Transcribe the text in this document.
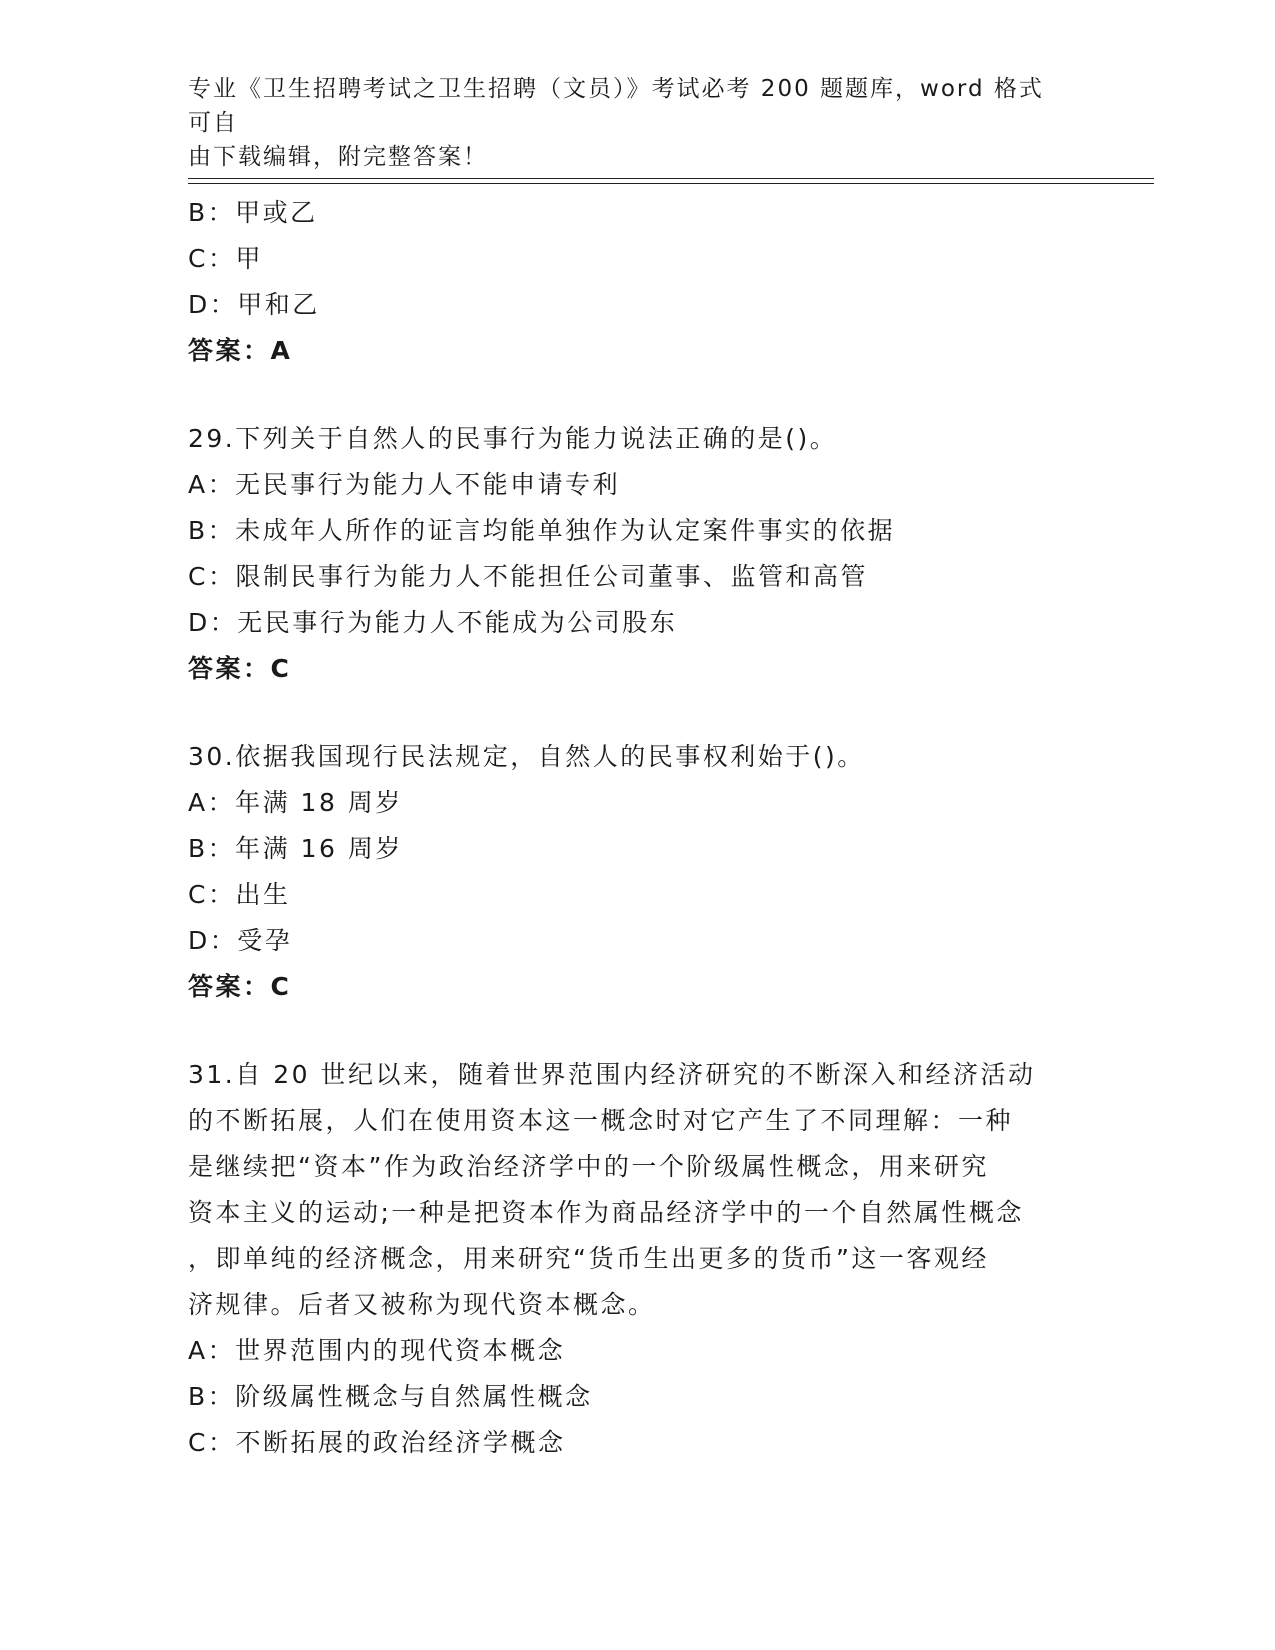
专业《卫生招聘考试之卫生招聘（文员）》考试必考 200 题题库，word 格式可自
由下载编辑，附完整答案！
B：甲或乙
C：甲
D：甲和乙
答案：A
29.下列关于自然人的民事行为能力说法正确的是()。
A：无民事行为能力人不能申请专利
B：未成年人所作的证言均能单独作为认定案件事实的依据
C：限制民事行为能力人不能担任公司董事、监管和高管
D：无民事行为能力人不能成为公司股东
答案：C
30.依据我国现行民法规定，自然人的民事权利始于()。
A：年满 18 周岁
B：年满 16 周岁
C：出生
D：受孕
答案：C
31.自 20 世纪以来，随着世界范围内经济研究的不断深入和经济活动
的不断拓展，人们在使用资本这一概念时对它产生了不同理解：一种
是继续把“资本”作为政治经济学中的一个阶级属性概念，用来研究
资本主义的运动;一种是把资本作为商品经济学中的一个自然属性概念
，即单纯的经济概念，用来研究“货币生出更多的货币”这一客观经
济规律。后者又被称为现代资本概念。
A：世界范围内的现代资本概念
B：阶级属性概念与自然属性概念
C：不断拓展的政治经济学概念
